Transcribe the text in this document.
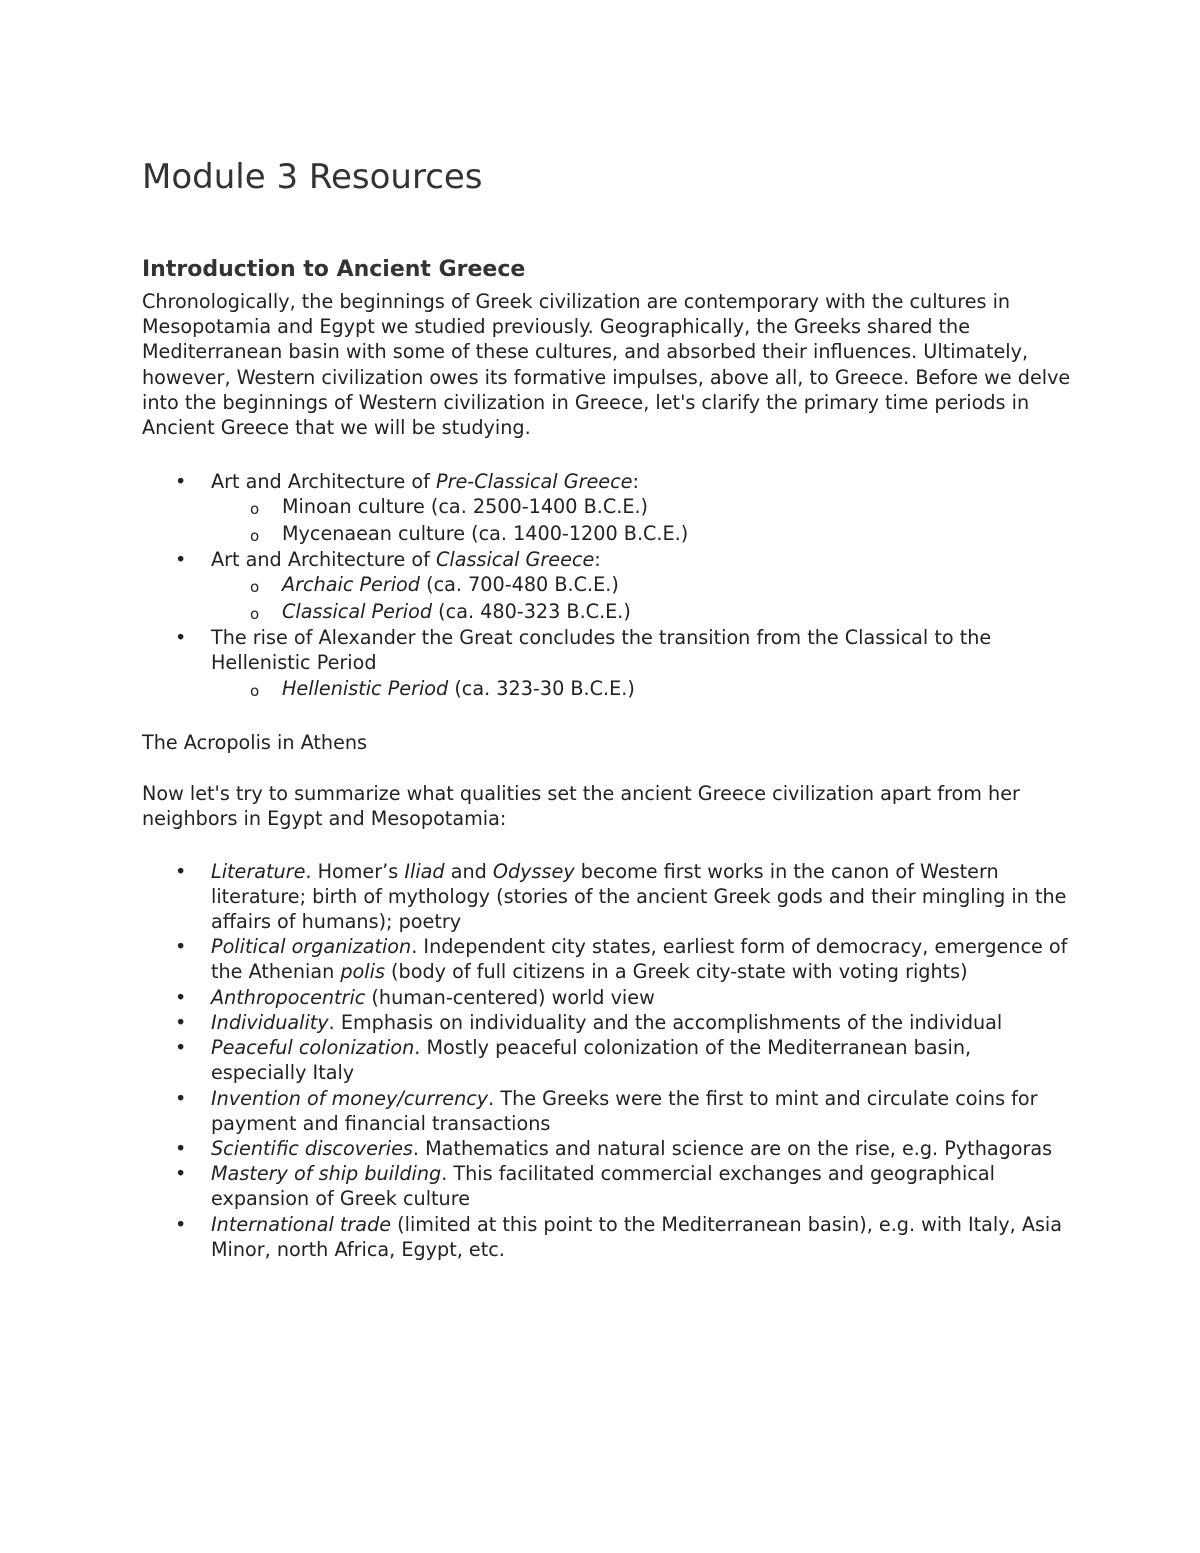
Module 3 Resources
Introduction to Ancient Greece

Chronologically, the beginnings of Greek civilization are contemporary with the cultures in Mesopotamia and Egypt we studied previously. Geographically, the Greeks shared the Mediterranean basin with some of these cultures, and absorbed their influences. Ultimately, however, Western civilization owes its formative impulses, above all, to Greece. Before we delve into the beginnings of Western civilization in Greece, let's clarify the primary time periods in Ancient Greece that we will be studying.

• Art and Architecture of Pre-Classical Greece:
o Minoan culture (ca. 2500-1400 B.C.E.)
o Mycenaean culture (ca. 1400-1200 B.C.E.)
• Art and Architecture of Classical Greece:
o Archaic Period (ca. 700-480 B.C.E.)
o Classical Period (ca. 480-323 B.C.E.)
• The rise of Alexander the Great concludes the transition from the Classical to the Hellenistic Period
o Hellenistic Period (ca. 323-30 B.C.E.)

The Acropolis in Athens

Now let's try to summarize what qualities set the ancient Greece civilization apart from her neighbors in Egypt and Mesopotamia:

• Literature. Homer’s Iliad and Odyssey become first works in the canon of Western literature; birth of mythology (stories of the ancient Greek gods and their mingling in the affairs of humans); poetry
• Political organization. Independent city states, earliest form of democracy, emergence of the Athenian polis (body of full citizens in a Greek city-state with voting rights)
• Anthropocentric (human-centered) world view
• Individuality. Emphasis on individuality and the accomplishments of the individual
• Peaceful colonization. Mostly peaceful colonization of the Mediterranean basin, especially Italy
• Invention of money/currency. The Greeks were the first to mint and circulate coins for payment and financial transactions
• Scientific discoveries. Mathematics and natural science are on the rise, e.g. Pythagoras
• Mastery of ship building. This facilitated commercial exchanges and geographical expansion of Greek culture
• International trade (limited at this point to the Mediterranean basin), e.g. with Italy, Asia Minor, north Africa, Egypt, etc.
